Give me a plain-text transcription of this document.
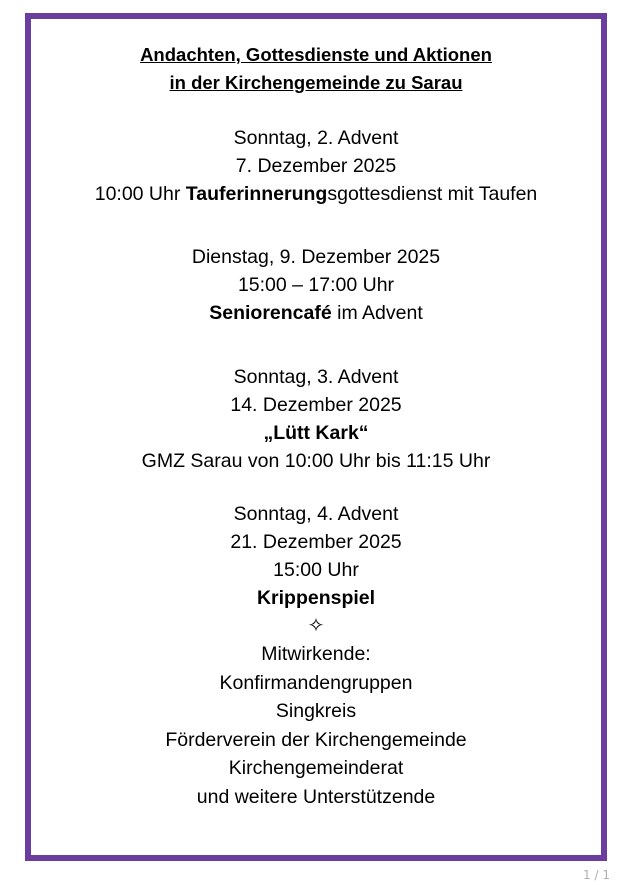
Andachten, Gottesdienste und Aktionen
in der Kirchengemeinde zu Sarau
Sonntag, 2. Advent
7. Dezember 2025
10:00 Uhr Tauferinnerungsgottesdienst mit Taufen
Dienstag, 9. Dezember 2025
15:00 – 17:00 Uhr
Seniorencafé im Advent
Sonntag, 3. Advent
14. Dezember 2025
„Lütt Kark“
GMZ Sarau von 10:00 Uhr bis 11:15 Uhr
Sonntag, 4. Advent
21. Dezember 2025
15:00 Uhr
Krippenspiel
✧
Mitwirkende:
Konfirmandengruppen
Singkreis
Förderverein der Kirchengemeinde
Kirchengemeinderat
und weitere Unterstützende
1 / 1
